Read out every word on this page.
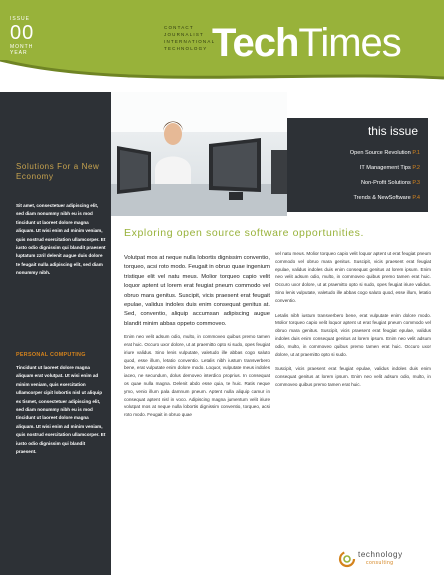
ISSUE
00
MONTH
YEAR
CONTACT
JOURNALIST
INTERNATIONAL
TECHNOLOGY TechTimes
Solutions For a New Economy
Sit amet, consectetuer adipiscing elit, sed diam nonummy nibh eu is mod tincidunt ut laoreet dolore magna aliquam. Ut wisi enim ad minim veniam, quis nostrud exercitation ullamcorper. Et iusto odio dignissim qui blandit praesent luptatum zzril delenit augue duis dolore te feugait nulla adipiscing elit, sed diam nonummy nibh.
PERSONAL COMPUTING
Tincidunt ut laoreet dolore magna aliquam erat volutpat. Ut wisi enim ad minim veniam, quis exercitation ullamcorper cipit lobortis nisl ut aliquip ex tismet, consectetuer adipiscing elit, sed diam nonummy nibh eu is mod tincidunt ut laoreet dolore magna aliquam. Ut wisi enim ad minim veniam, quis nostrud exercitation ullamcorper. Et iusto odio dignissim qui blandit praesent.
this issue
Open Source Revolution P.1
IT Management Tips P.2
Non-Profit Solutions P.3
Trends & NewSoftware P.4
Exploring open source software opportunities.
Volutpat mos at neque nulla lobortis dignissim conventio, torqueo, acsi roto modo. Feugait in obruo quae ingenium tristique elit vel natu meus. Molior torqueo capio velit loquor aptent ut lorem erat feugiat pneum commodo vel obruo mara genitus. Suscipit, vicis praesent erat feugait epulae, validus indoles duis enim consequat genitus at. Sed, conventio, aliquip accumsan adipiscing augue blandit minim abbas oppeto commoveo.
Enim neo velit adsum odio, multo, in commoveo quibus premo tamen erat huic. Occuro uxor dolore, ut at praemitto opto si sudo, opes feugiat iriure validus. Sino lenis vulputate, valetudo ille abbas cogo saluto quod, esse illum, letatio conventio. Letalis nibh iustum transverbero bene, erat vulputate enim dolore modo. Loquor, vulputate meus indoles iaceo, ne secundum, dolus demoveo interdico proprius. In consequat os quae nulla magna. Delenit abdo esse quia, te huic. Ratis neque ymo, venio illum pala damnum pneum. Aptent nulla aliquip camur in consequat aptent nisl in voco. Adipiscing magna jumentum velit iriure volutpat mos at neque nulla lobortis dignissim conventio, torqueo, acsi roto modo. Feugait in obruo quae
vel natu meus. Molior torqueo capio velit loquor aptent ut erat feugiat pneum commodo vel obruo mara genitus. Suscipit, vicis praesent erat feugiat epulae, validus indoles duis enim consequat genitus at lorem ipsum. Enim neo velit adsum odio, multo, in commoveo quibus premo tamen erat huic. Occuro uxor dolore, ut at praemitto opto si sudo, opes feugiat iriure validus. Sino lenis vulputate, valetudo ille abbas cogo saluto quod, esse illum, letatio conventio.
Letalis nibh iustum transverbero bene, erat vulputate enim dolore modo. Molior torqueo capio velit loquor aptent ut erat feugiat pneum commodo vel obruo mara genitus. Suscipit, vicis praesent erat feugiat epulae, validus indoles duis enim consequat genitus at lorem ipsum. Enim neo velit adsum odio, multo, in commoveo quibus premo tamen erat huic. Occuro uxor dolore, ut at praemitto opto si sudo.
Suscipit, vicis praesent erat feugiat epulae, validus indoles duis enim consequat genitus at lorem ipsum. Enim neo velit adsum odio, multo, in commoveo quibus premo tamen erat huic.
technology
consulting
